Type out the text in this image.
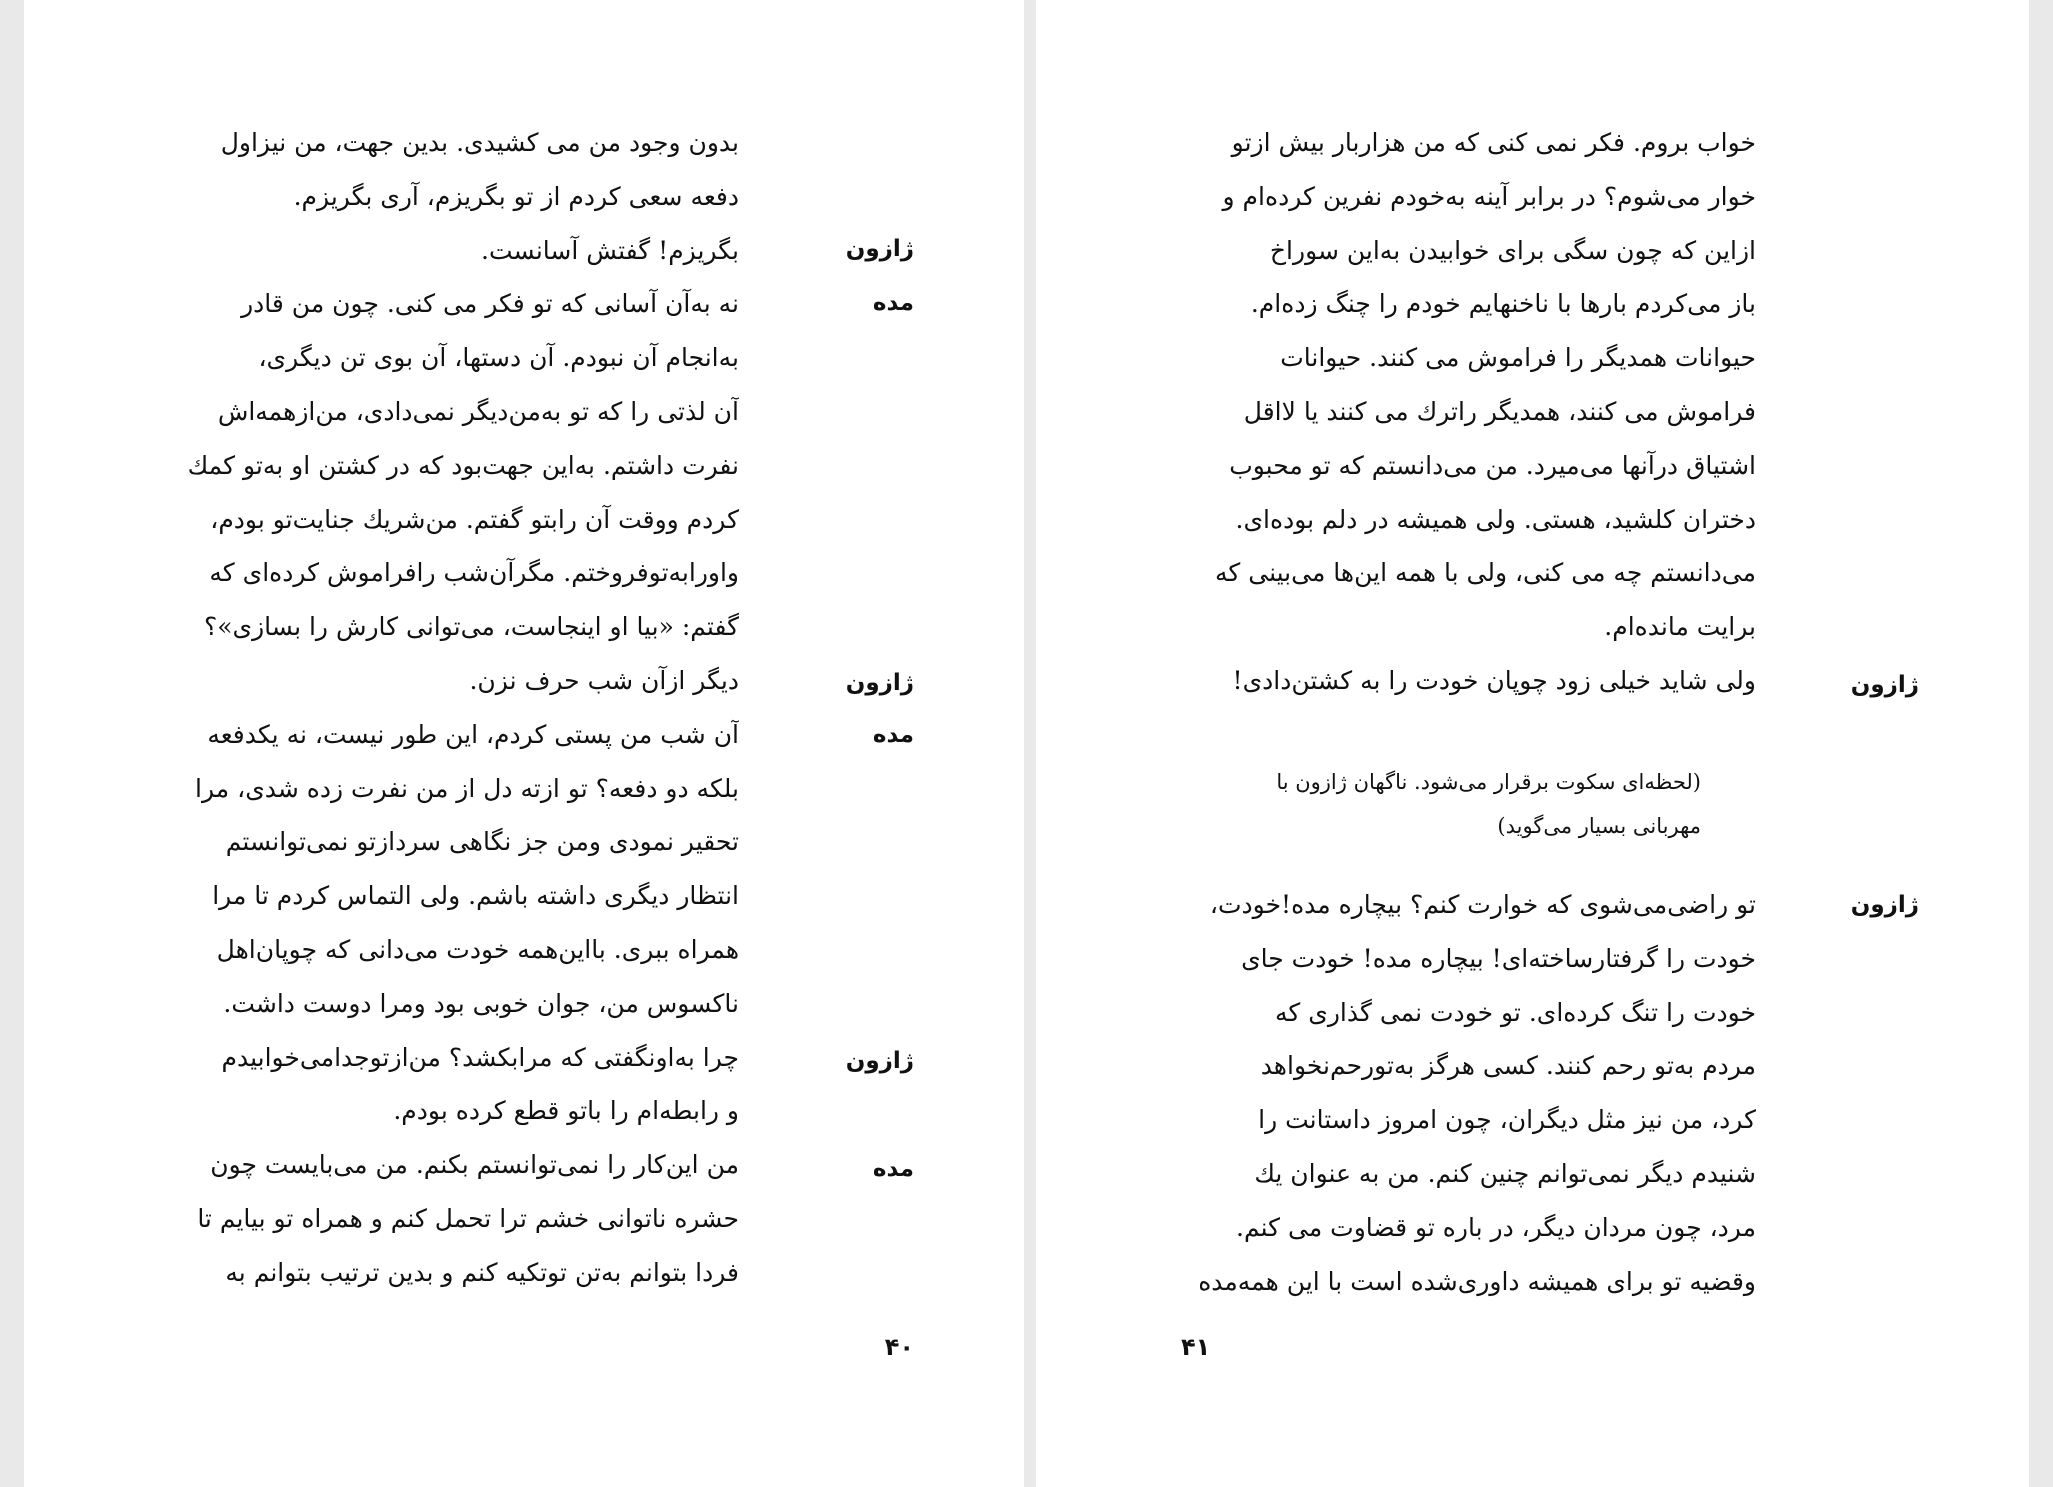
ژازون
مده
ژازون
مده
ژازون
مده
بدون وجود من می کشیدی. بدین جهت، من نیزاول
دفعه سعی کردم از تو بگریزم، آری بگریزم.
بگریزم! گفتش آسانست.
نه به‌آن آسانی که تو فکر می کنی. چون من قادر
به‌انجام آن نبودم. آن دستها، آن بوی تن دیگری،
آن لذتی را که تو به‌من‌دیگر نمی‌دادی، من‌ازهمه‌اش
نفرت داشتم. به‌این جهت‌بود که در کشتن او به‌تو کمك
کردم ووقت آن رابتو گفتم. من‌شریك جنایت‌تو بودم،
واورابه‌توفروختم. مگرآن‌شب رافراموش کرده‌ای که
گفتم: «بیا او اینجاست، می‌توانی کارش را بسازی»؟
دیگر ازآن شب حرف نزن.
آن شب من پستی کردم، این طور نیست، نه یکدفعه
بلکه دو دفعه؟ تو ازته دل از من نفرت زده شدی، مرا
تحقیر نمودی ومن جز نگاهی سردازتو نمی‌توانستم
انتظار دیگری داشته باشم. ولی التماس کردم تا مرا
همراه ببری. بااین‌همه خودت می‌دانی که چوپان‌اهل
ناکسوس من، جوان خوبی بود ومرا دوست داشت.
چرا به‌اونگفتی که مرابکشد؟ من‌ازتوجدامی‌خوابیدم
و رابطه‌ام را باتو قطع کرده بودم.
من این‌کار را نمی‌توانستم بکنم. من می‌بایست چون
حشره ناتوانی خشم ترا تحمل کنم و همراه تو بیایم تا
فردا بتوانم به‌تن توتکیه کنم و بدین ترتیب بتوانم به
۴۰
خواب بروم. فکر نمی کنی که من هزاربار بیش ازتو
خوار می‌شوم؟ در برابر آینه به‌خودم نفرین کرده‌ام و
ازاین که چون سگی برای خوابیدن به‌این سوراخ
باز می‌کردم بارها با ناخنهایم خودم را چنگ زده‌ام.
حیوانات همدیگر را فراموش می کنند. حیوانات
فراموش می کنند، همدیگر راترك می کنند یا لااقل
اشتیاق درآنها می‌میرد. من می‌دانستم که تو محبوب
دختران کلشید، هستی. ولی همیشه در دلم بوده‌ای.
می‌دانستم چه می کنی، ولی با همه این‌ها می‌بینی که
برایت مانده‌ام.
ولی شاید خیلی زود چوپان خودت را به کشتن‌دادی!	ژازون
(لحظه‌ای سکوت برقرار می‌شود. ناگهان ژازون با
مهربانی بسیار می‌گوید)
ژازون
تو راضی‌می‌شوی که خوارت کنم؟ بیچاره مده!خودت،
خودت را گرفتارساخته‌ای! بیچاره مده! خودت جای
خودت را تنگ کرده‌ای. تو خودت نمی گذاری که
مردم به‌تو رحم کنند. کسی هرگز به‌تورحم‌نخواهد
کرد، من نیز مثل دیگران، چون امروز داستانت را
شنیدم دیگر نمی‌توانم چنین کنم. من به عنوان یك
مرد، چون مردان دیگر، در باره تو قضاوت می کنم.
وقضیه تو برای همیشه داوری‌شده است با این همه‌مده
۴۱
